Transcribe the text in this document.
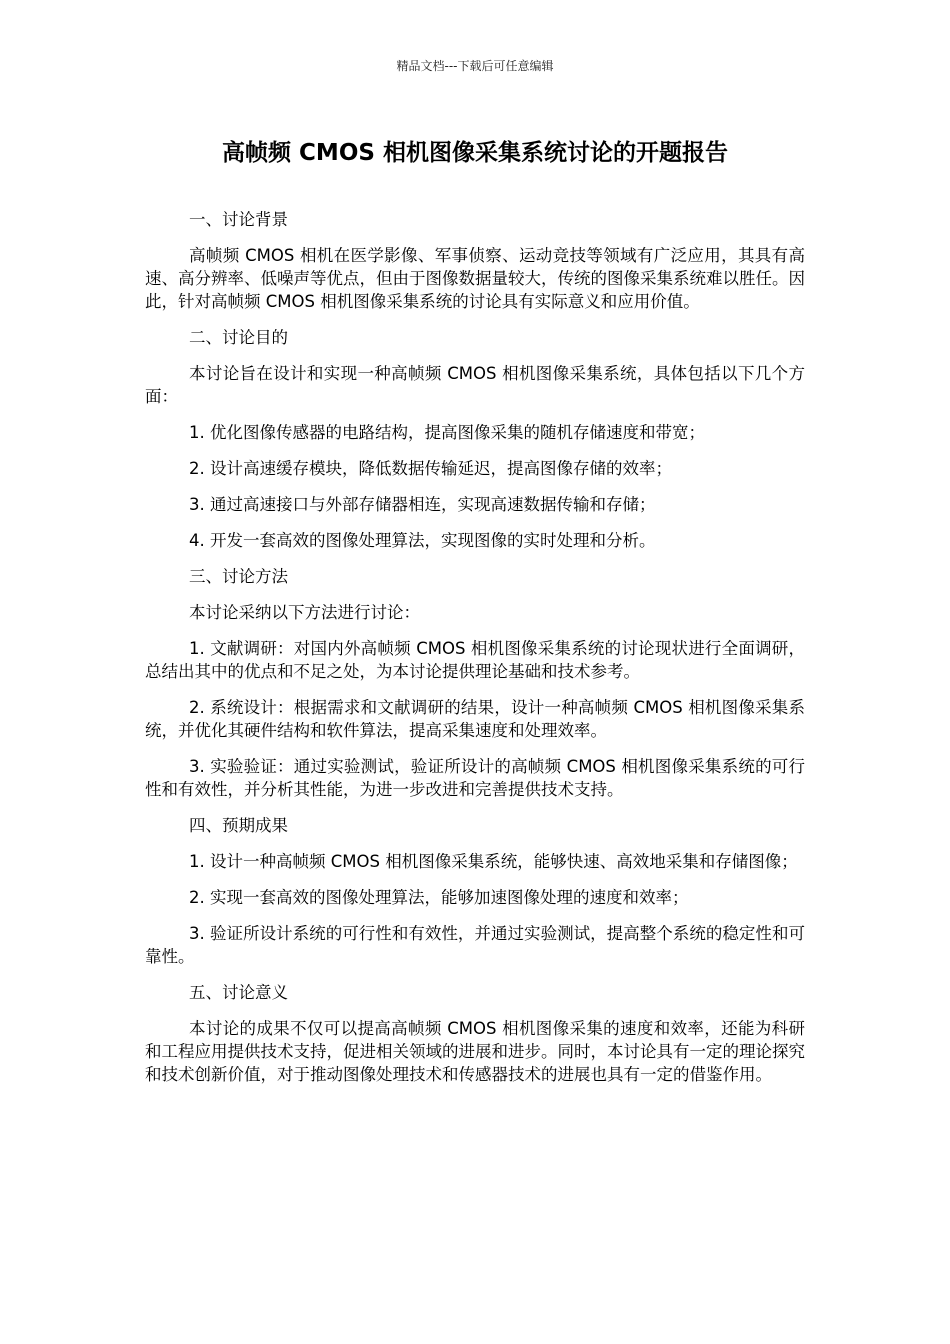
精品文档---下载后可任意编辑
高帧频 CMOS 相机图像采集系统讨论的开题报告

一、讨论背景

高帧频 CMOS 相机在医学影像、军事侦察、运动竞技等领域有广泛应用，其具有高速、高分辨率、低噪声等优点，但由于图像数据量较大，传统的图像采集系统难以胜任。因此，针对高帧频 CMOS 相机图像采集系统的讨论具有实际意义和应用价值。

二、讨论目的

本讨论旨在设计和实现一种高帧频 CMOS 相机图像采集系统，具体包括以下几个方面：

1. 优化图像传感器的电路结构，提高图像采集的随机存储速度和带宽；

2. 设计高速缓存模块，降低数据传输延迟，提高图像存储的效率；

3. 通过高速接口与外部存储器相连，实现高速数据传输和存储；

4. 开发一套高效的图像处理算法，实现图像的实时处理和分析。

三、讨论方法

本讨论采纳以下方法进行讨论：

1. 文献调研：对国内外高帧频 CMOS 相机图像采集系统的讨论现状进行全面调研，总结出其中的优点和不足之处，为本讨论提供理论基础和技术参考。

2. 系统设计：根据需求和文献调研的结果，设计一种高帧频 CMOS 相机图像采集系统，并优化其硬件结构和软件算法，提高采集速度和处理效率。

3. 实验验证：通过实验测试，验证所设计的高帧频 CMOS 相机图像采集系统的可行性和有效性，并分析其性能，为进一步改进和完善提供技术支持。

四、预期成果

1. 设计一种高帧频 CMOS 相机图像采集系统，能够快速、高效地采集和存储图像；

2. 实现一套高效的图像处理算法，能够加速图像处理的速度和效率；

3. 验证所设计系统的可行性和有效性，并通过实验测试，提高整个系统的稳定性和可靠性。

五、讨论意义

本讨论的成果不仅可以提高高帧频 CMOS 相机图像采集的速度和效率，还能为科研和工程应用提供技术支持，促进相关领域的进展和进步。同时，本讨论具有一定的理论探究和技术创新价值，对于推动图像处理技术和传感器技术的进展也具有一定的借鉴作用。
